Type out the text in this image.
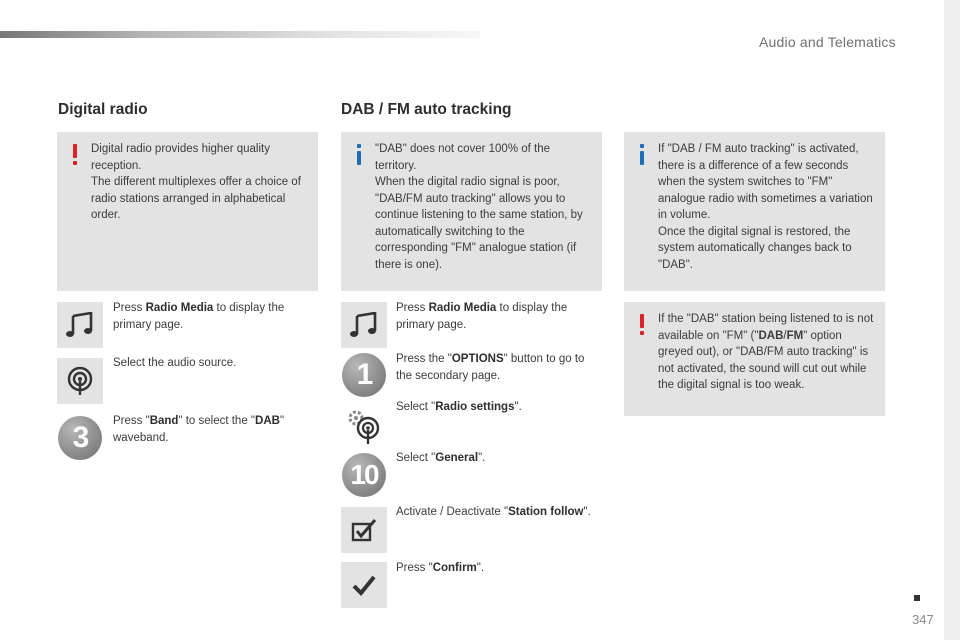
Audio and Telematics
Digital radio
Digital radio provides higher quality reception.
The different multiplexes offer a choice of radio stations arranged in alphabetical order.
Press Radio Media to display the primary page.
Select the audio source.
3	Press "Band" to select the "DAB" waveband.
DAB / FM auto tracking
"DAB" does not cover 100% of the territory.
When the digital radio signal is poor, "DAB/FM auto tracking" allows you to continue listening to the same station, by automatically switching to the corresponding "FM" analogue station (if there is one).
If "DAB / FM auto tracking" is activated, there is a difference of a few seconds when the system switches to "FM" analogue radio with sometimes a variation in volume.
Once the digital signal is restored, the system automatically changes back to "DAB".
If the "DAB" station being listened to is not available on "FM" ("DAB/FM" option greyed out), or "DAB/FM auto tracking" is not activated, the sound will cut out while the digital signal is too weak.
Press Radio Media to display the primary page.
1	Press the "OPTIONS" button to go to the secondary page.
Select "Radio settings".
10
Select "General".
Activate / Deactivate "Station follow".
Press "Confirm".
347
